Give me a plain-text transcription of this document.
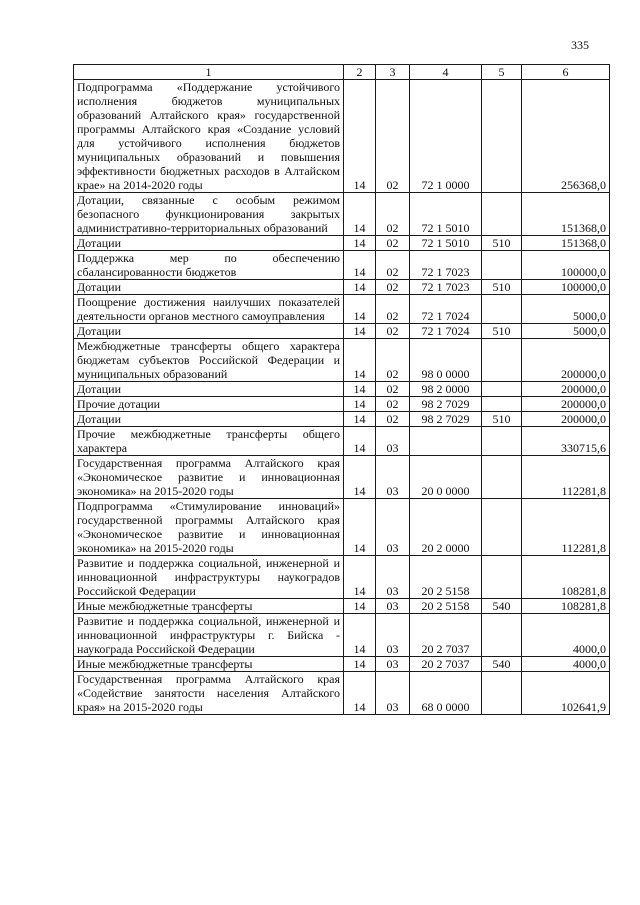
335
1	2	3	4	5	6
Подпрограмма «Поддержание устойчивого исполнения бюджетов муниципальных образований Алтайского края» государственной программы Алтайского края «Создание условий для устойчивого исполнения бюджетов муниципальных образований и повышения эффективности бюджетных расходов в Алтайском крае» на 2014-2020 годы	14	02	72 1 0000		256368,0
Дотации, связанные с особым режимом безопасного функционирования закрытых административно-территориальных образований	14	02	72 1 5010		151368,0
Дотации	14	02	72 1 5010	510	151368,0
Поддержка мер по обеспечению сбалансированности бюджетов	14	02	72 1 7023		100000,0
Дотации	14	02	72 1 7023	510	100000,0
Поощрение достижения наилучших показателей деятельности органов местного самоуправления	14	02	72 1 7024		5000,0
Дотации	14	02	72 1 7024	510	5000,0
Межбюджетные трансферты общего характера бюджетам субъектов Российской Федерации и муниципальных образований	14	02	98 0 0000		200000,0
Дотации	14	02	98 2 0000		200000,0
Прочие дотации	14	02	98 2 7029		200000,0
Дотации	14	02	98 2 7029	510	200000,0
Прочие межбюджетные трансферты общего характера	14	03			330715,6
Государственная программа Алтайского края «Экономическое развитие и инновационная экономика» на 2015-2020 годы	14	03	20 0 0000		112281,8
Подпрограмма «Стимулирование инноваций» государственной программы Алтайского края «Экономическое развитие и инновационная экономика» на 2015-2020 годы	14	03	20 2 0000		112281,8
Развитие и поддержка социальной, инженерной и инновационной инфраструктуры наукоградов Российской Федерации	14	03	20 2 5158		108281,8
Иные межбюджетные трансферты	14	03	20 2 5158	540	108281,8
Развитие и поддержка социальной, инженерной и инновационной инфраструктуры г. Бийска - наукограда Российской Федерации	14	03	20 2 7037		4000,0
Иные межбюджетные трансферты	14	03	20 2 7037	540	4000,0
Государственная программа Алтайского края «Содействие занятости населения Алтайского края» на 2015-2020 годы	14	03	68 0 0000		102641,9
